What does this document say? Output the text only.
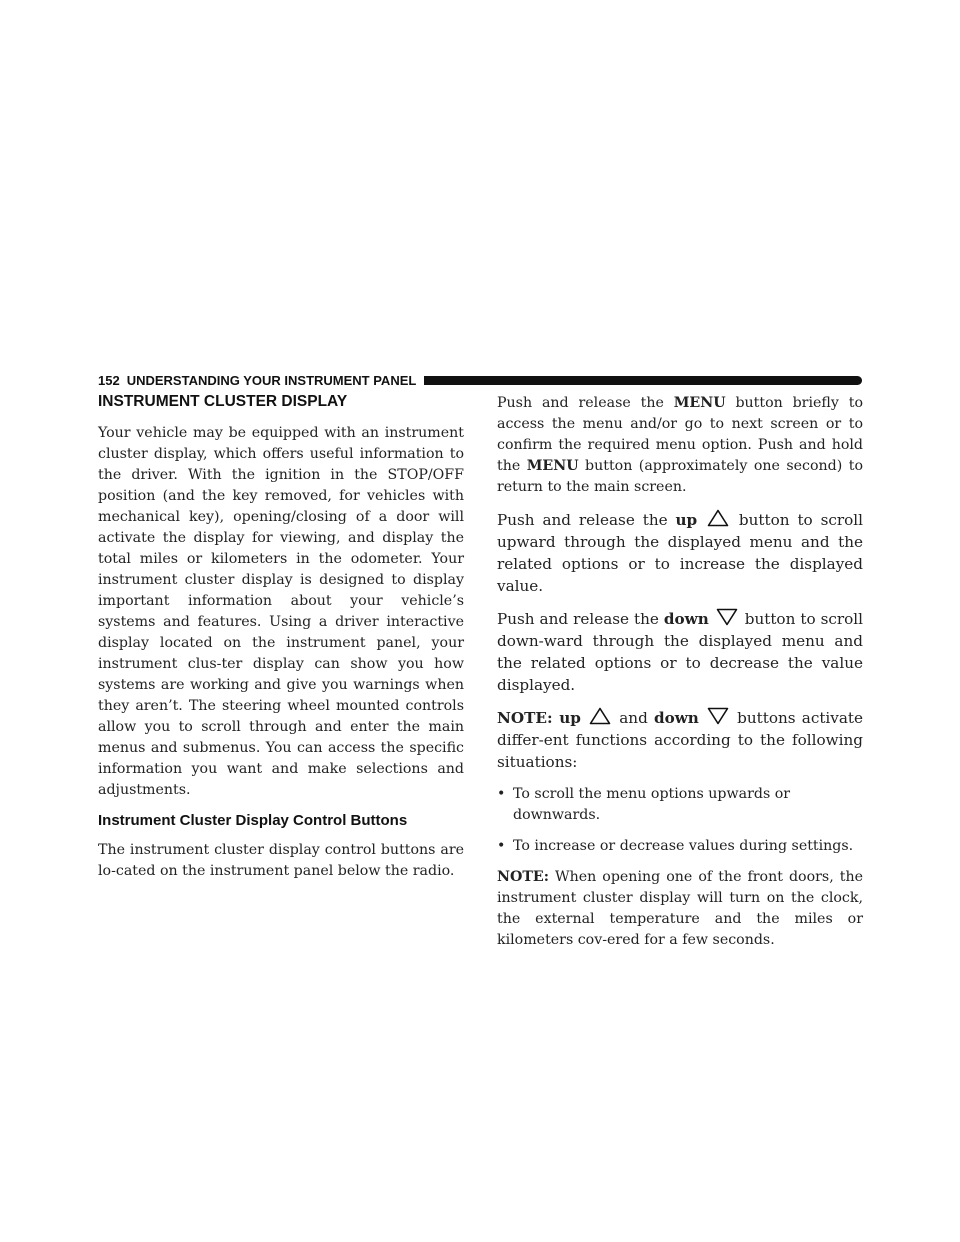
152 UNDERSTANDING YOUR INSTRUMENT PANEL
INSTRUMENT CLUSTER DISPLAY

Your vehicle may be equipped with an instrument cluster display, which offers useful information to the driver. With the ignition in the STOP/OFF position (and the key removed, for vehicles with mechanical key), opening/closing of a door will activate the display for viewing, and display the total miles or kilometers in the odometer. Your instrument cluster display is designed to display important information about your vehicle’s systems and features. Using a driver interactive display located on the instrument panel, your instrument clus-ter display can show you how systems are working and give you warnings when they aren’t. The steering wheel mounted controls allow you to scroll through and enter the main menus and submenus. You can access the specific information you want and make selections and adjustments.

Instrument Cluster Display Control Buttons

The instrument cluster display control buttons are lo-cated on the instrument panel below the radio.

Push and release the MENU button briefly to access the menu and/or go to next screen or to confirm the required menu option. Push and hold the MENU button (approximately one second) to return to the main screen.

Push and release the up  button to scroll upward through the displayed menu and the related options or to increase the displayed value.

Push and release the down  button to scroll down-ward through the displayed menu and the related options or to decrease the value displayed.

NOTE: up  and down  buttons activate differ-ent functions according to the following situations:

• To scroll the menu options upwards or downwards.
• To increase or decrease values during settings.

NOTE: When opening one of the front doors, the instrument cluster display will turn on the clock, the external temperature and the miles or kilometers cov-ered for a few seconds.
